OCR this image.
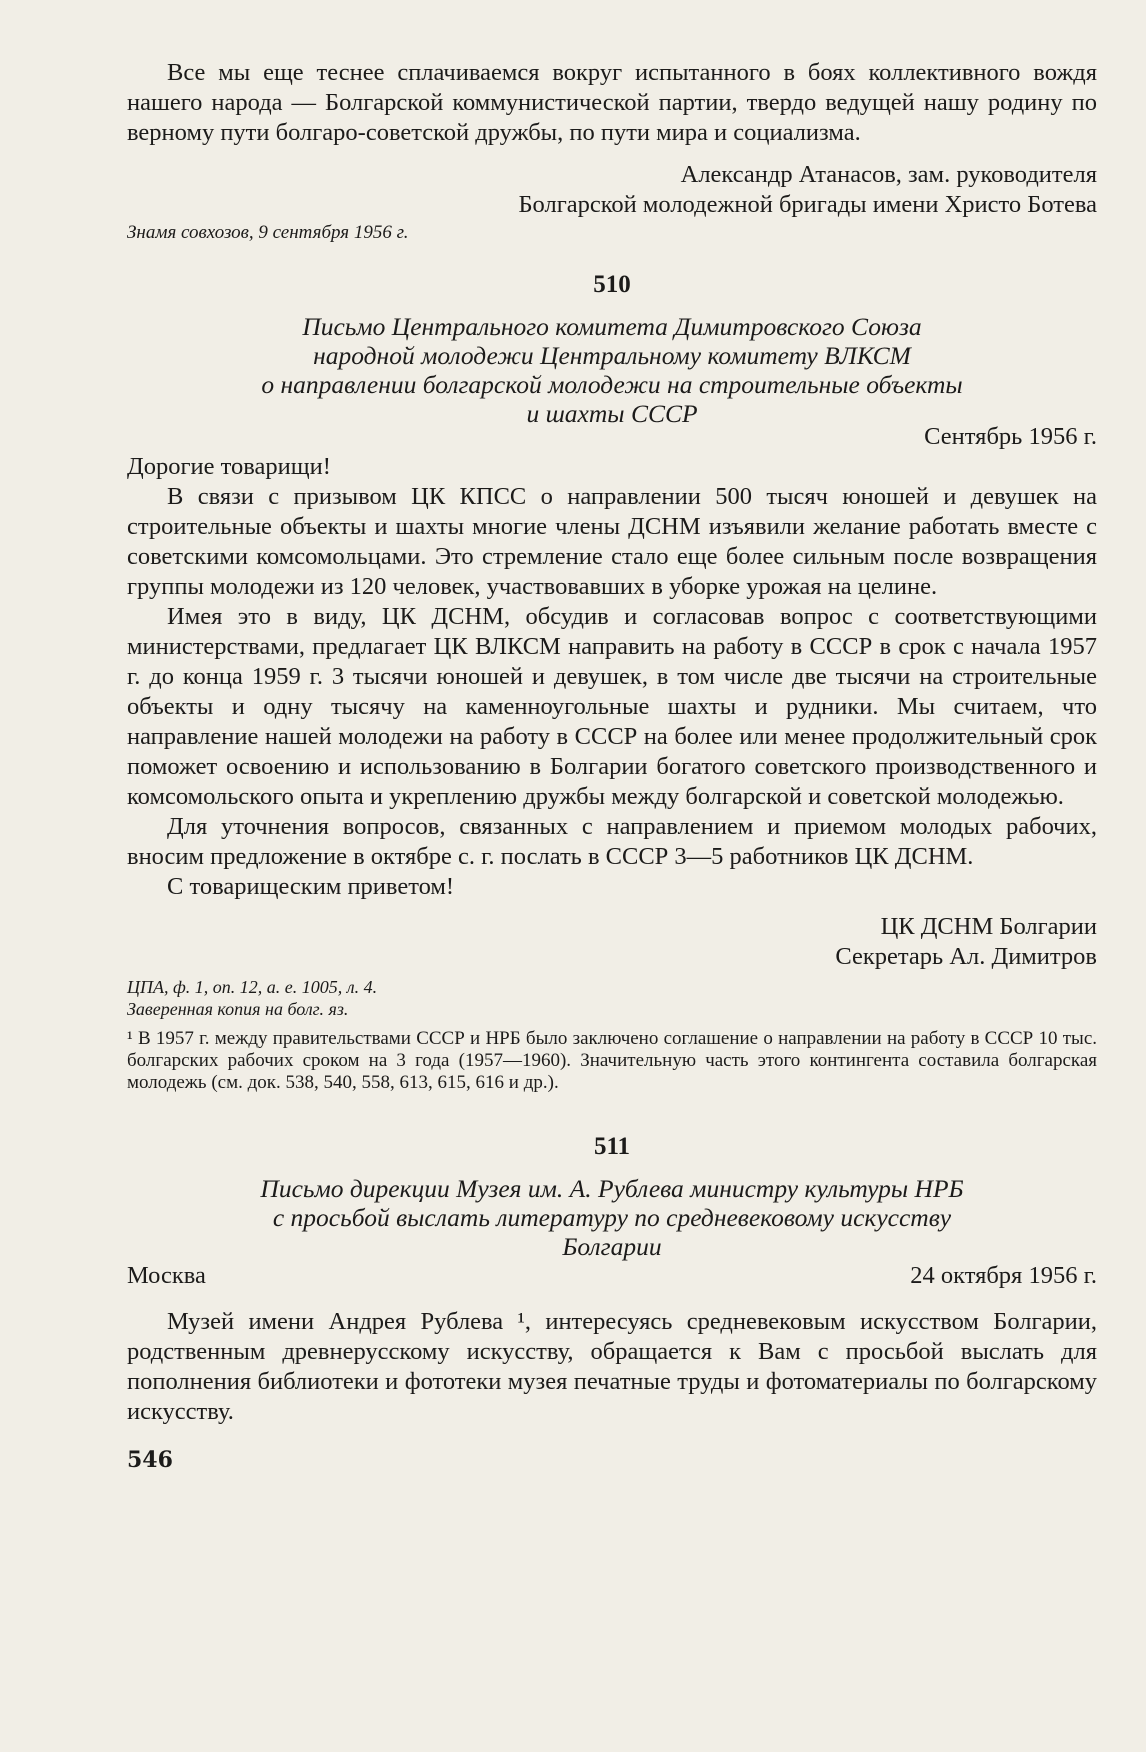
Все мы еще теснее сплачиваемся вокруг испытанного в боях коллективного вождя нашего народа — Болгарской коммунистической партии, твердо ведущей нашу родину по верному пути болгаро-советской дружбы, по пути мира и социализма.

Александр Атанасов, зам. руководителя

Болгарской молодежной бригады имени Христо Ботева

Знамя совхозов, 9 сентября 1956 г.

510

Письмо Центрального комитета Димитровского Союза

народной молодежи Центральному комитету ВЛКСМ

о направлении болгарской молодежи на строительные объекты

и шахты СССР

Сентябрь 1956 г.

Дорогие товарищи!

В связи с призывом ЦК КПСС о направлении 500 тысяч юношей и девушек на строительные объекты и шахты многие члены ДСНМ изъявили желание работать вместе с советскими комсомольцами. Это стремление стало еще более сильным после возвращения группы молодежи из 120 человек, участвовавших в уборке урожая на целине.

Имея это в виду, ЦК ДСНМ, обсудив и согласовав вопрос с соответствующими министерствами, предлагает ЦК ВЛКСМ направить на работу в СССР в срок с начала 1957 г. до конца 1959 г. 3 тысячи юношей и девушек, в том числе две тысячи на строительные объекты и одну тысячу на каменноугольные шахты и рудники. Мы считаем, что направление нашей молодежи на работу в СССР на более или менее продолжительный срок поможет освоению и использованию в Болгарии богатого советского производственного и комсомольского опыта и укреплению дружбы между болгарской и советской молодежью.

Для уточнения вопросов, связанных с направлением и приемом молодых рабочих, вносим предложение в октябре с. г. послать в СССР 3—5 работников ЦК ДСНМ.

С товарищеским приветом!

ЦК ДСНМ Болгарии

Секретарь Ал. Димитров

ЦПА, ф. 1, оп. 12, а. е. 1005, л. 4.

Заверенная копия на болг. яз.

¹ В 1957 г. между правительствами СССР и НРБ было заключено соглашение о направлении на работу в СССР 10 тыс. болгарских рабочих сроком на 3 года (1957—1960). Значительную часть этого контингента составила болгарская молодежь (см. док. 538, 540, 558, 613, 615, 616 и др.).

511

Письмо дирекции Музея им. А. Рублева министру культуры НРБ

с просьбой выслать литературу по средневековому искусству

Болгарии

Москва	24 октября 1956 г.

Музей имени Андрея Рублева ¹, интересуясь средневековым искусством Болгарии, родственным древнерусскому искусству, обращается к Вам с просьбой выслать для пополнения библиотеки и фототеки музея печатные труды и фотоматериалы по болгарскому искусству.

546
